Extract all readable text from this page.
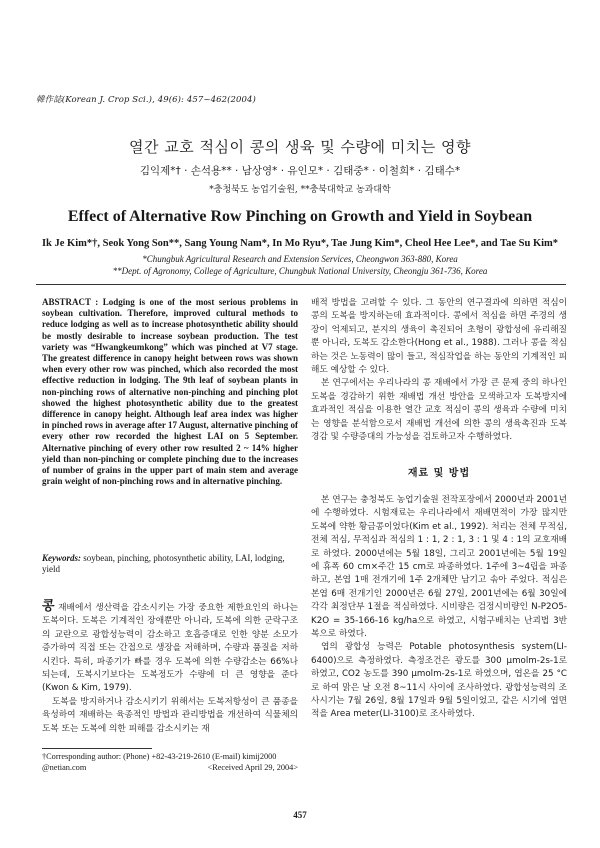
韓作誌(Korean J. Crop Sci.), 49(6): 457~462(2004)
열간 교호 적심이 콩의 생육 및 수량에 미치는 영향
김익제*† · 손석용** · 남상영* · 유인모* · 김태중* · 이철희* · 김태수*
*충청북도 농업기술원, **충북대학교 농과대학
Effect of Alternative Row Pinching on Growth and Yield in Soybean
Ik Je Kim*†, Seok Yong Son**, Sang Young Nam*, In Mo Ryu*, Tae Jung Kim*, Cheol Hee Lee*, and Tae Su Kim*
*Chungbuk Agricultural Research and Extension Services, Cheongwon 363-880, Korea
**Dept. of Agronomy, College of Agriculture, Chungbuk National University, Cheongju 361-736, Korea
ABSTRACT : Lodging is one of the most serious problems in soybean cultivation. Therefore, improved cultural methods to reduce lodging as well as to increase photosynthetic ability should be mostly desirable to increase soybean production. The test variety was “Hwangkeumkong” which was pinched at V7 stage. The greatest difference in canopy height between rows was shown when every other row was pinched, which also recorded the most effective reduction in lodging. The 9th leaf of soybean plants in non-pinching rows of alternative non-pinching and pinching plot showed the highest photosynthetic ability due to the greatest difference in canopy height. Although leaf area index was higher in pinched rows in average after 17 August, alternative pinching of every other row recorded the highest LAI on 5 September. Alternative pinching of every other row resulted 2 ~ 14% higher yield than non-pinching or complete pinching due to the increases of number of grains in the upper part of main stem and average grain weight of non-pinching rows and in alternative pinching.
Keywords: soybean, pinching, photosynthetic ability, LAI, lodging, yield

콩 재배에서 생산력을 감소시키는 가장 중요한 제한요인의 하나는 도복이다. 도복은 기계적인 장애뿐만 아니라, 도복에 의한 군락구조의 교란으로 광합성능력이 감소하고 호흡증대로 인한 양분 소모가 증가하여 직접 또는 간접으로 생장을 저해하며, 수량과 품질을 저하시킨다. 특히, 파종기가 빠를 경우 도복에 의한 수량감소는 66%나 되는데, 도복시기보다는 도복정도가 수량에 더 큰 영향을 준다(Kwon & Kim, 1979).

도복을 방지하거나 감소시키기 위해서는 도복저항성이 큰 품종을 육성하여 재배하는 육종적인 방법과 관리방법을 개선하여 식물체의 도복 또는 도복에 의한 피해를 감소시키는 재

†Corresponding author: (Phone) +82-43-219-2610 (E-mail) kimij2000
@netian.com	<Received April 29, 2004>

배적 방법을 고려할 수 있다. 그 동안의 연구결과에 의하면 적심이 콩의 도복을 방지하는데 효과적이다. 콩에서 적심을 하면 주경의 생장이 억제되고, 분지의 생육이 촉진되어 초형이 광합성에 유리해질 뿐 아니라, 도복도 감소한다(Hong et al., 1988). 그러나 콩을 적심하는 것은 노동력이 많이 들고, 적심작업을 하는 동안의 기계적인 피해도 예상할 수 있다.

본 연구에서는 우리나라의 콩 재배에서 가장 큰 문제 중의 하나인 도복을 경감하기 위한 재배법 개선 방안을 모색하고자 도복방지에 효과적인 적심을 이용한 열간 교호 적심이 콩의 생육과 수량에 미치는 영향을 분석함으로서 재배법 개선에 의한 콩의 생육촉진과 도복경감 및 수량증대의 가능성을 검토하고자 수행하였다.

재료 및 방법

본 연구는 충청북도 농업기술원 전작포장에서 2000년과 2001년에 수행하였다. 시험재료는 우리나라에서 재배면적이 가장 많지만 도복에 약한 황금콩이었다(Kim et al., 1992). 처리는 전체 무적심, 전체 적심, 무적심과 적심의 1 : 1, 2 : 1, 3 : 1 및 4 : 1의 교호재배로 하였다. 2000년에는 5월 18일, 그리고 2001년에는 5월 19일에 휴폭 60 cm×주간 15 cm로 파종하였다. 1주에 3~4립을 파종하고, 본엽 1매 전개기에 1주 2개체만 남기고 솎아 주었다. 적심은 본엽 6매 전개기인 2000년은 6월 27일, 2001년에는 6월 30일에 각각 최정단부 1절을 적심하였다. 시비량은 검정시비량인 N-P2O5-K2O = 35-166-16 kg/ha으로 하였고, 시험구배치는 난괴법 3반복으로 하였다.

엽의 광합성 능력은 Potable photosynthesis system(LI-6400)으로 측정하였다. 측정조건은 광도를 300 μmolm-2s-1로 하였고, CO2 농도를 390 μmolm-2s-1로 하였으며, 엽온을 25 °C로 하여 맑은 날 오전 8~11시 사이에 조사하였다. 광합성능력의 조사시기는 7월 26일, 8월 17일과 9월 5일이었고, 같은 시기에 엽면적을 Area meter(LI-3100)로 조사하였다.

457
